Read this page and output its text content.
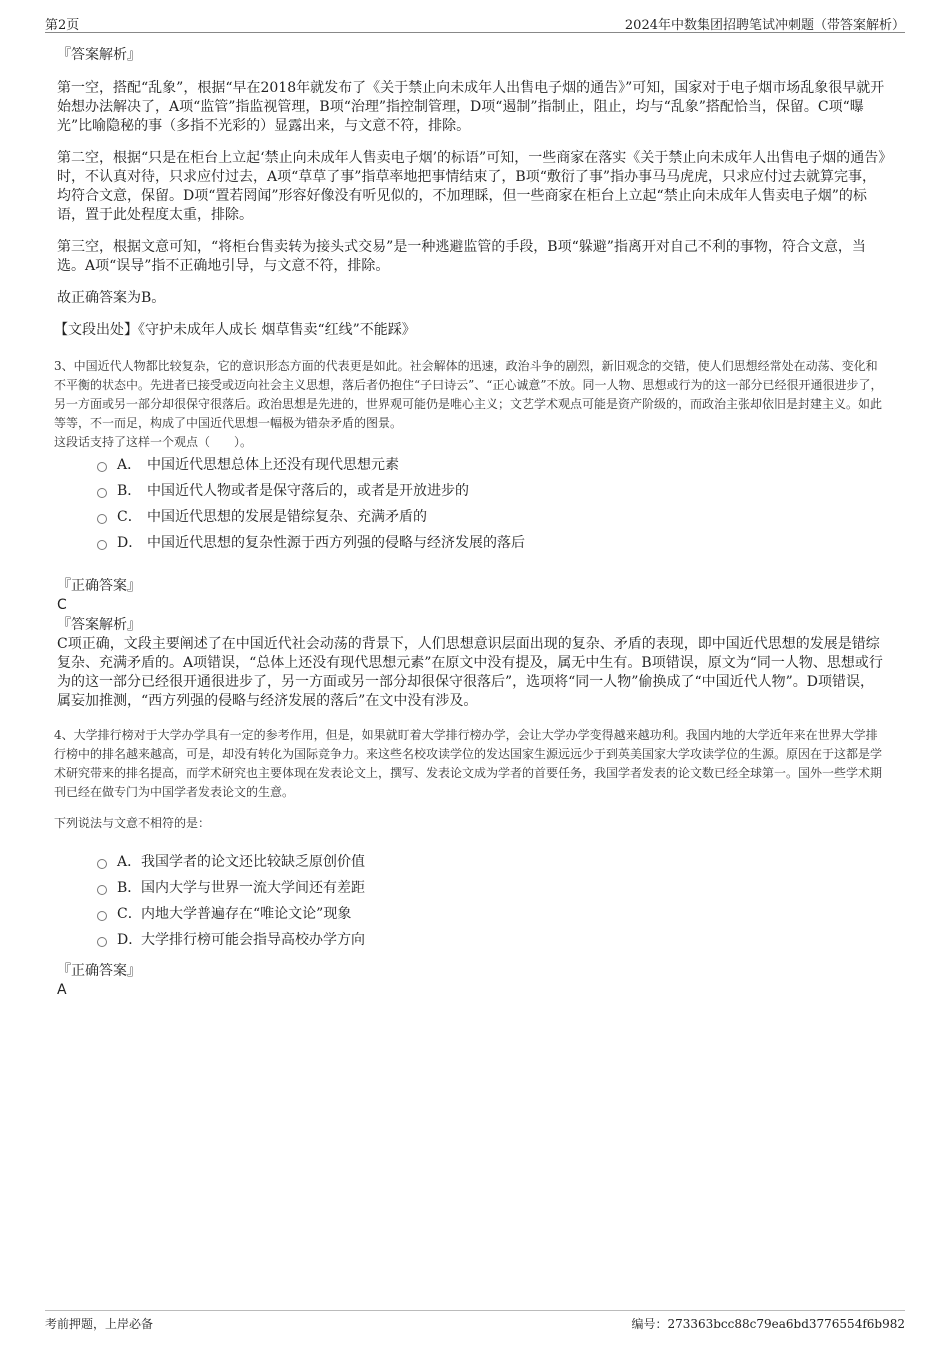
第2页	2024年中数集团招聘笔试冲刺题（带答案解析）

『答案解析』

第一空，搭配“乱象”，根据“早在2018年就发布了《关于禁止向未成年人出售电子烟的通告》”可知，国家对于电子烟市场乱象很早就开始想办法解决了，A项“监管”指监视管理，B项“治理”指控制管理，D项“遏制”指制止，阻止，均与“乱象”搭配恰当，保留。C项“曝光”比喻隐秘的事（多指不光彩的）显露出来，与文意不符，排除。

第二空，根据“只是在柜台上立起‘禁止向未成年人售卖电子烟’的标语”可知，一些商家在落实《关于禁止向未成年人出售电子烟的通告》时，不认真对待，只求应付过去，A项“草草了事”指草率地把事情结束了，B项“敷衍了事”指办事马马虎虎，只求应付过去就算完事，均符合文意，保留。D项“置若罔闻”形容好像没有听见似的，不加理睬，但一些商家在柜台上立起“禁止向未成年人售卖电子烟”的标语，置于此处程度太重，排除。

第三空，根据文意可知，“将柜台售卖转为接头式交易”是一种逃避监管的手段，B项“躲避”指离开对自己不利的事物，符合文意，当选。A项“误导”指不正确地引导，与文意不符，排除。

故正确答案为B。

【文段出处】《守护未成年人成长 烟草售卖“红线”不能踩》

3、中国近代人物都比较复杂，它的意识形态方面的代表更是如此。社会解体的迅速，政治斗争的剧烈，新旧观念的交错，使人们思想经常处在动荡、变化和不平衡的状态中。先进者已接受或迈向社会主义思想，落后者仍抱住“子曰诗云”、“正心诚意”不放。同一人物、思想或行为的这一部分已经很开通很进步了，另一方面或另一部分却很保守很落后。政治思想是先进的，世界观可能仍是唯心主义；文艺学术观点可能是资产阶级的，而政治主张却依旧是封建主义。如此等等，不一而足，构成了中国近代思想一幅极为错杂矛盾的图景。

这段话支持了这样一个观点（　　）。

A． 中国近代思想总体上还没有现代思想元素
B． 中国近代人物或者是保守落后的，或者是开放进步的
C． 中国近代思想的发展是错综复杂、充满矛盾的
D． 中国近代思想的复杂性源于西方列强的侵略与经济发展的落后

『正确答案』

C

『答案解析』

C项正确，文段主要阐述了在中国近代社会动荡的背景下，人们思想意识层面出现的复杂、矛盾的表现，即中国近代思想的发展是错综复杂、充满矛盾的。A项错误，“总体上还没有现代思想元素”在原文中没有提及，属无中生有。B项错误，原文为“同一人物、思想或行为的这一部分已经很开通很进步了，另一方面或另一部分却很保守很落后”，选项将“同一人物”偷换成了“中国近代人物”。D项错误，属妄加推测，“西方列强的侵略与经济发展的落后”在文中没有涉及。

4、大学排行榜对于大学办学具有一定的参考作用，但是，如果就盯着大学排行榜办学，会让大学办学变得越来越功利。我国内地的大学近年来在世界大学排行榜中的排名越来越高，可是，却没有转化为国际竞争力。来这些名校攻读学位的发达国家生源远远少于到英美国家大学攻读学位的生源。原因在于这都是学术研究带来的排名提高，而学术研究也主要体现在发表论文上，撰写、发表论文成为学者的首要任务，我国学者发表的论文数已经全球第一。国外一些学术期刊已经在做专门为中国学者发表论文的生意。

下列说法与文意不相符的是：

A． 我国学者的论文还比较缺乏原创价值
B． 国内大学与世界一流大学间还有差距
C． 内地大学普遍存在“唯论文论”现象
D．
大学排行榜可能会指导高校办学方向

『正确答案』

A

考前押题，上岸必备	编号：273363bcc88c79ea6bd3776554f6b982
